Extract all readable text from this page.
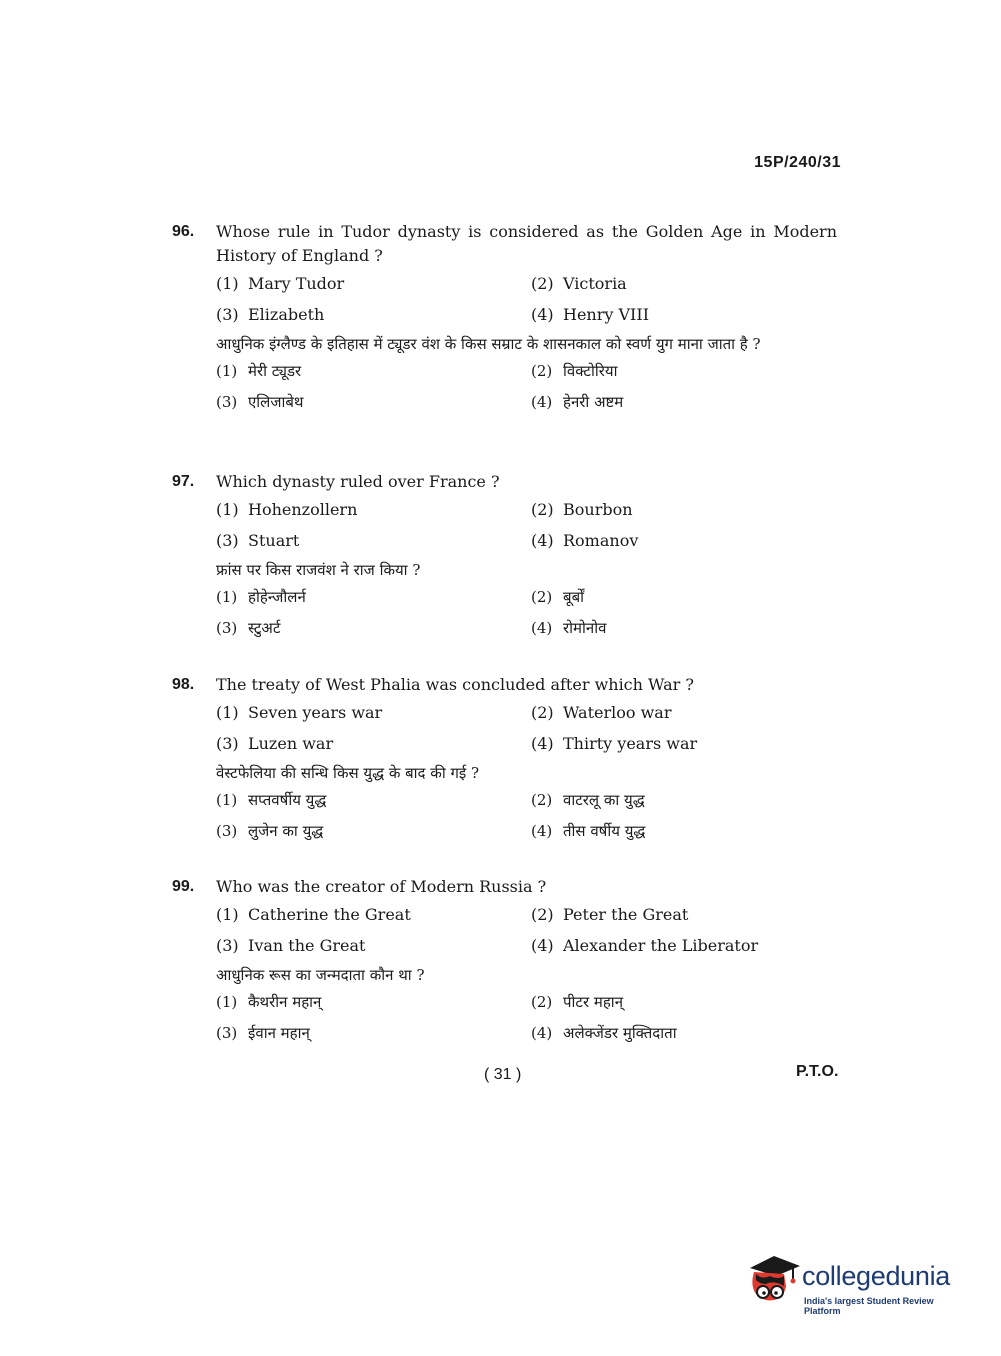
15P/240/31
96.	Whose rule in Tudor dynasty is considered as the Golden Age in Modern History of England ?
(1) Mary Tudor	(2) Victoria
(3) Elizabeth	(4) Henry VIII
आधुनिक इंग्लैण्ड के इतिहास में ट्यूडर वंश के किस सम्राट के शासनकाल को स्वर्ण युग माना जाता है ?
(1) मेरी ट्यूडर	(2) विक्टोरिया
(3) एलिजाबेथ	(4) हेनरी अष्टम
97.	Which dynasty ruled over France ?
(1) Hohenzollern	(2) Bourbon
(3) Stuart	(4) Romanov
फ्रांस पर किस राजवंश ने राज किया ?
(1) होहेन्जौलर्न	(2) बूर्बों
(3) स्टुअर्ट	(4) रोमोनोव
98.	The treaty of West Phalia was concluded after which War ?
(1) Seven years war	(2) Waterloo war
(3) Luzen war	(4) Thirty years war
वेस्टफेलिया की सन्धि किस युद्ध के बाद की गई ?
(1) सप्तवर्षीय युद्ध	(2) वाटरलू का युद्ध
(3) लुजेन का युद्ध	(4) तीस वर्षीय युद्ध
99.	Who was the creator of Modern Russia ?
(1) Catherine the Great	(2) Peter the Great
(3) Ivan the Great	(4) Alexander the Liberator
आधुनिक रूस का जन्मदाता कौन था ?
(1) कैथरीन महान्	(2) पीटर महान्
(3) ईवान महान्	(4) अलेक्जेंडर मुक्तिदाता
( 31 )	P.T.O.
collegedunia
India's largest Student Review Platform
